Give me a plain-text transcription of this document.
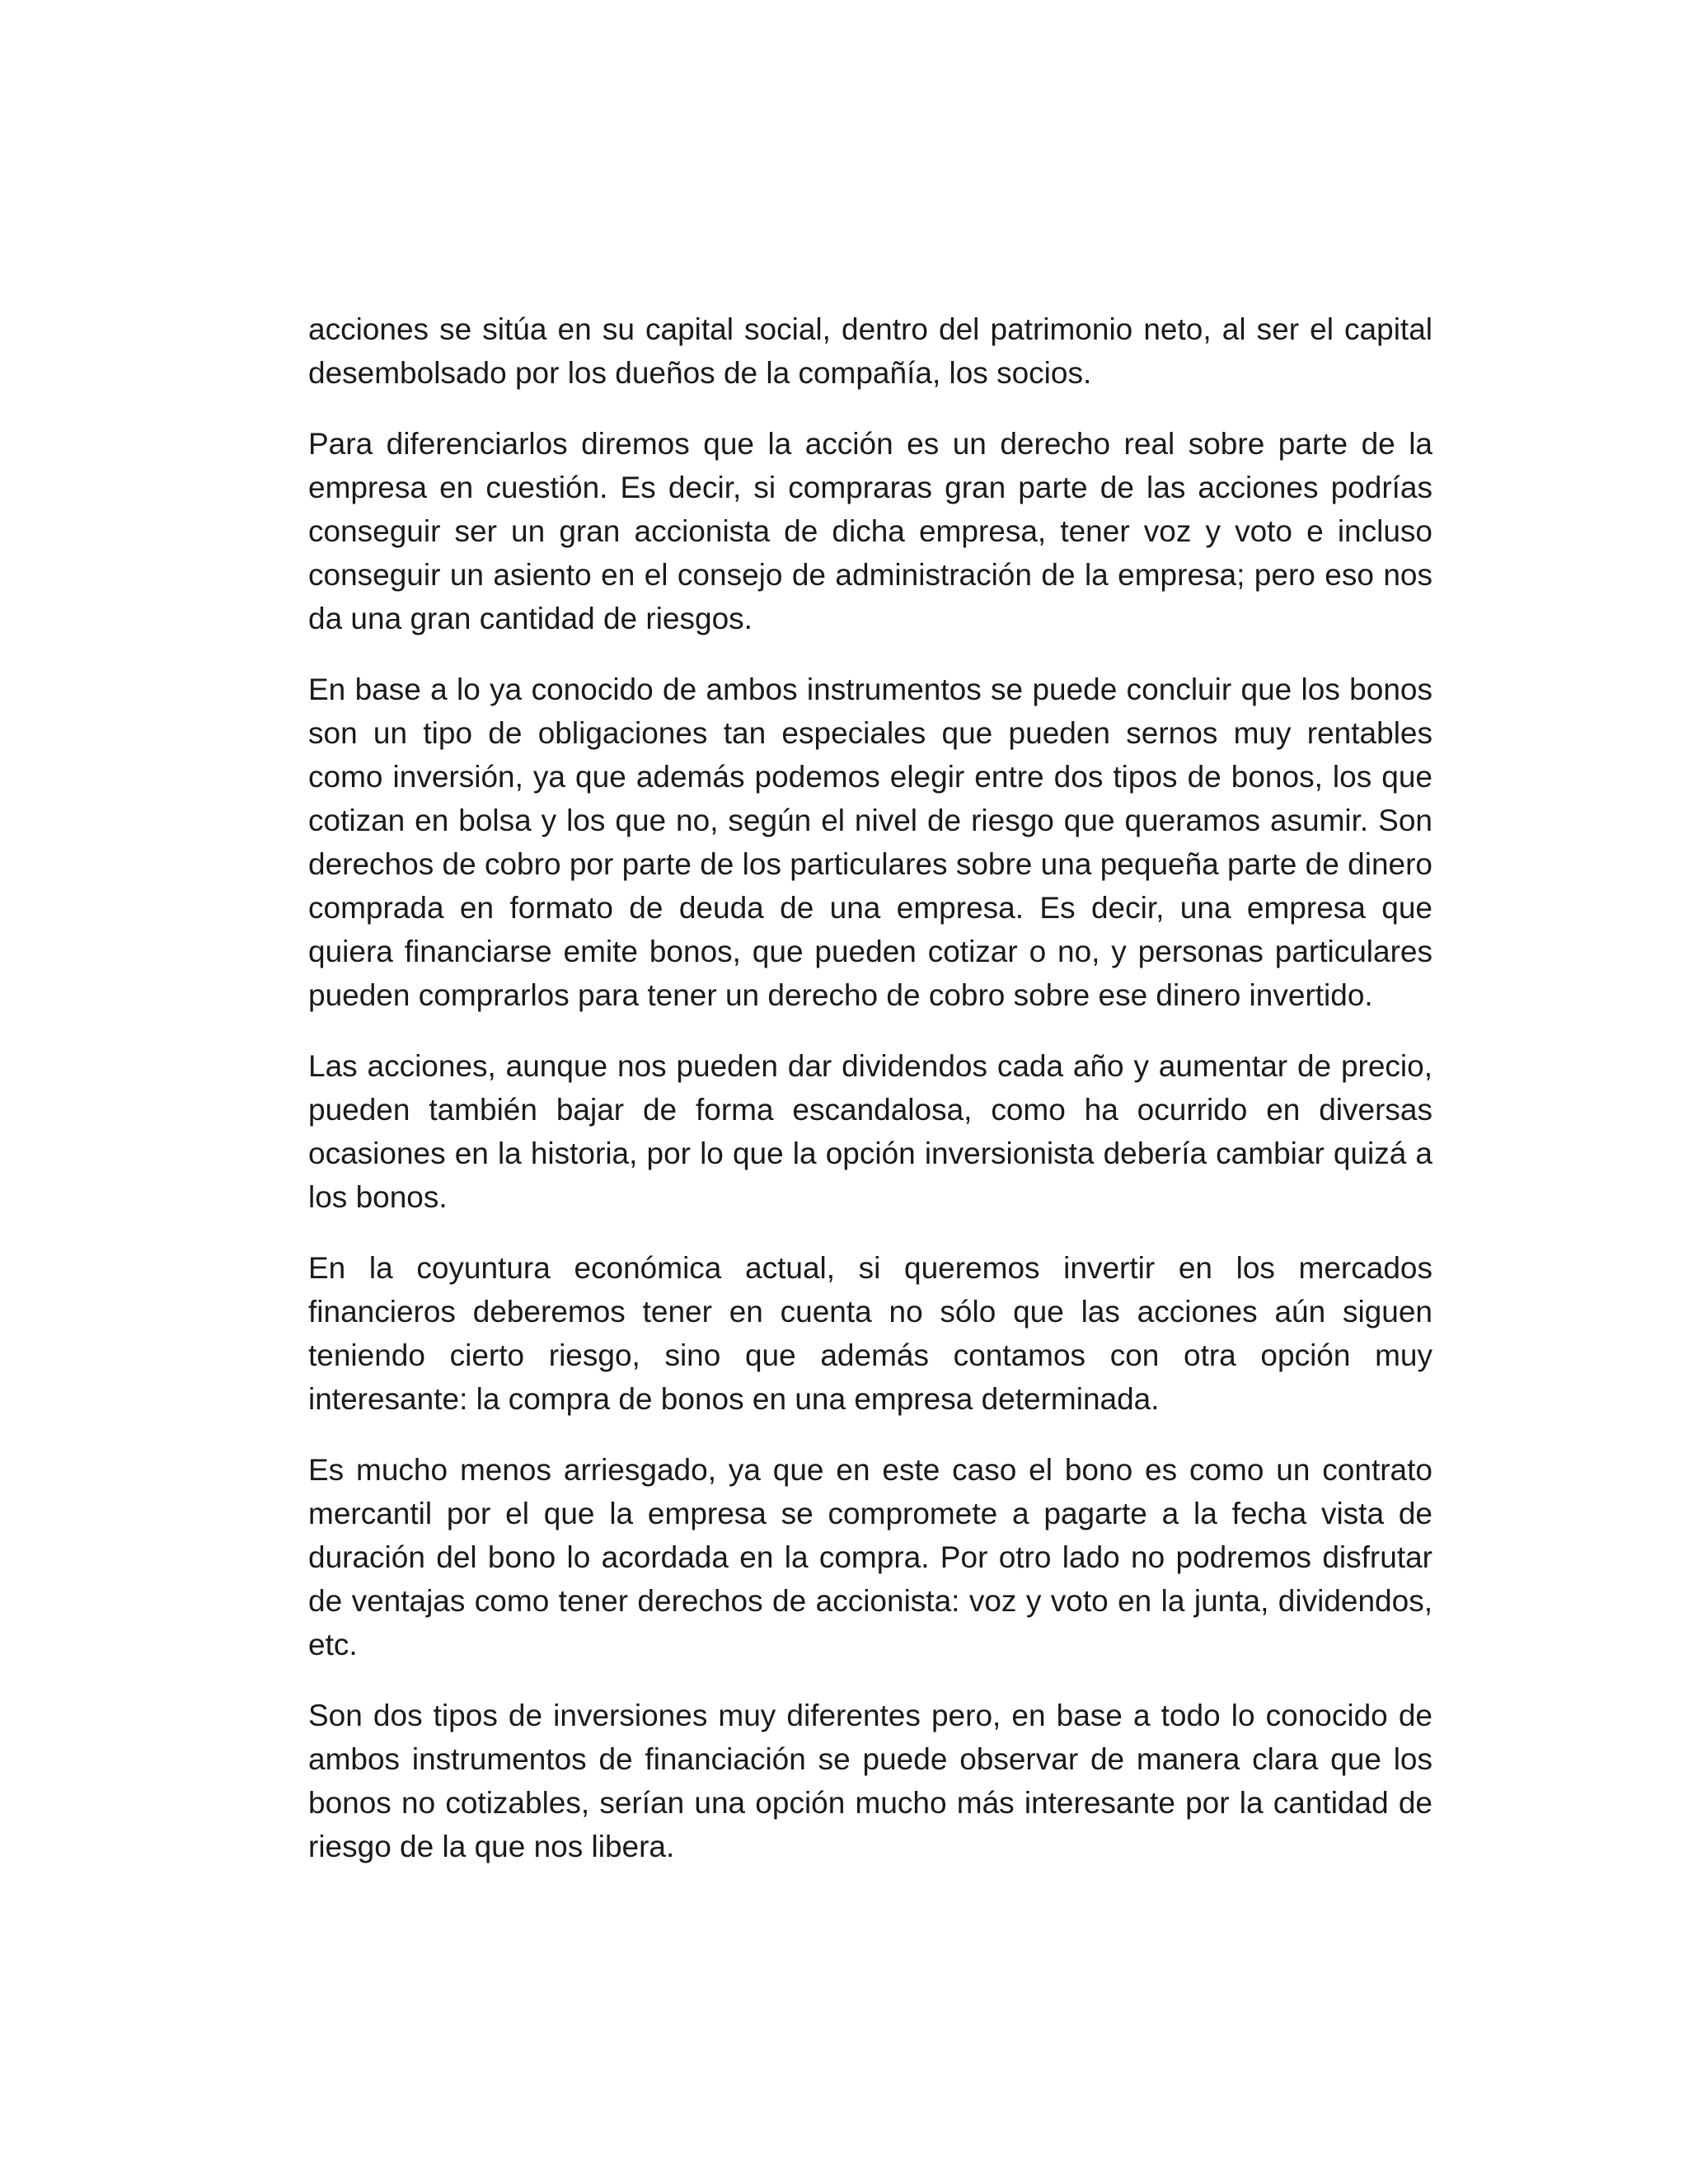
acciones se sitúa en su capital social, dentro del patrimonio neto, al ser el capital desembolsado por los dueños de la compañía, los socios.

Para diferenciarlos diremos que la acción es un derecho real sobre parte de la empresa en cuestión. Es decir, si compraras gran parte de las acciones podrías conseguir ser un gran accionista de dicha empresa, tener voz y voto e incluso conseguir un asiento en el consejo de administración de la empresa; pero eso nos da una gran cantidad de riesgos.

En base a lo ya conocido de ambos instrumentos se puede concluir que los bonos son un tipo de obligaciones tan especiales que pueden sernos muy rentables como inversión, ya que además podemos elegir entre dos tipos de bonos, los que cotizan en bolsa y los que no, según el nivel de riesgo que queramos asumir. Son derechos de cobro por parte de los particulares sobre una pequeña parte de dinero comprada en formato de deuda de una empresa. Es decir, una empresa que quiera financiarse emite bonos, que pueden cotizar o no, y personas particulares pueden comprarlos para tener un derecho de cobro sobre ese dinero invertido.

Las acciones, aunque nos pueden dar dividendos cada año y aumentar de precio, pueden también bajar de forma escandalosa, como ha ocurrido en diversas ocasiones en la historia, por lo que la opción inversionista debería cambiar quizá a los bonos.

En la coyuntura económica actual, si queremos invertir en los mercados financieros deberemos tener en cuenta no sólo que las acciones aún siguen teniendo cierto riesgo, sino que además contamos con otra opción muy interesante: la compra de bonos en una empresa determinada.

Es mucho menos arriesgado, ya que en este caso el bono es como un contrato mercantil por el que la empresa se compromete a pagarte a la fecha vista de duración del bono lo acordada en la compra. Por otro lado no podremos disfrutar de ventajas como tener derechos de accionista: voz y voto en la junta, dividendos, etc.

Son dos tipos de inversiones muy diferentes pero, en base a todo lo conocido de ambos instrumentos de financiación se puede observar de manera clara que los bonos no cotizables, serían una opción mucho más interesante por la cantidad de riesgo de la que nos libera.
